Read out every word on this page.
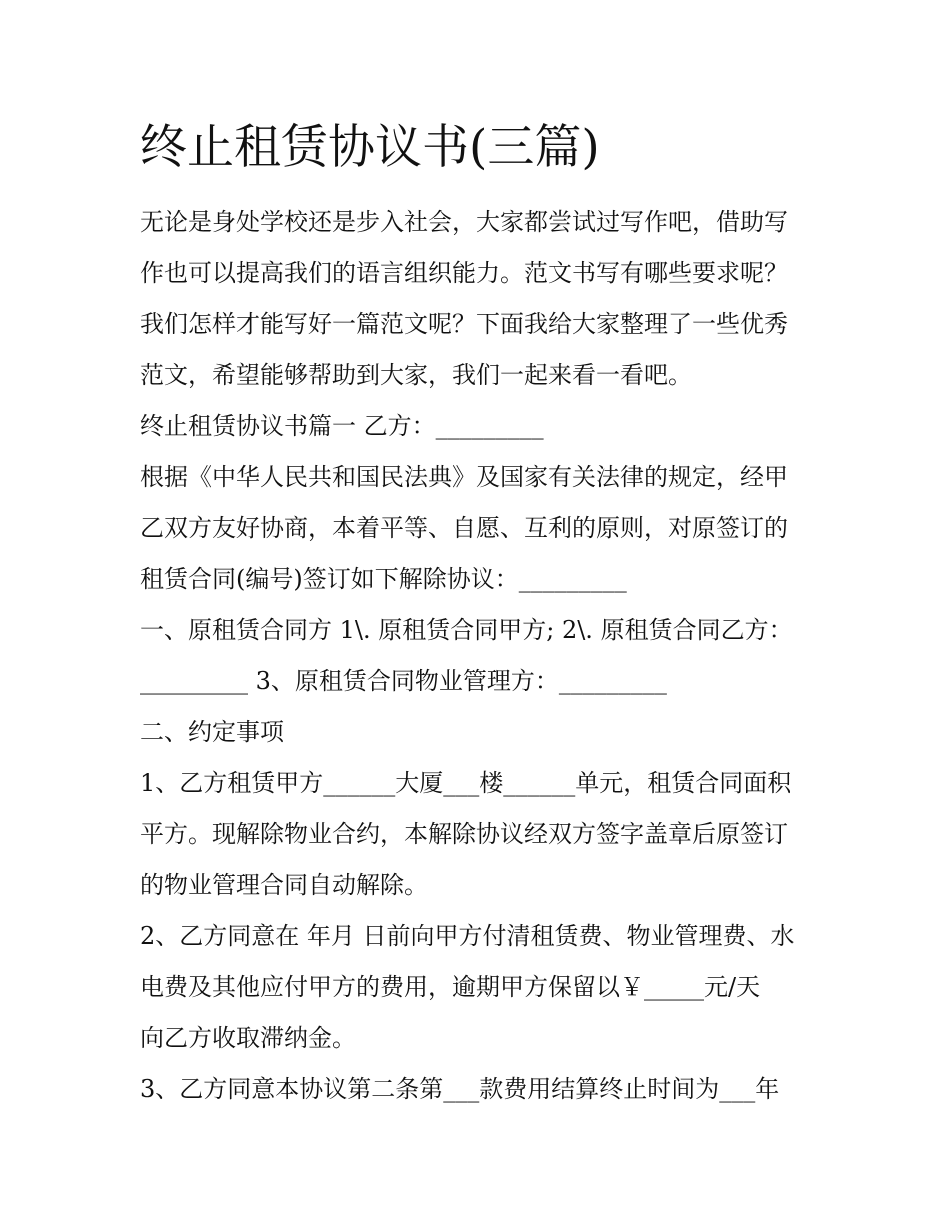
终止租赁协议书(三篇)
无论是身处学校还是步入社会，大家都尝试过写作吧，借助写
作也可以提高我们的语言组织能力。范文书写有哪些要求呢？
我们怎样才能写好一篇范文呢？下面我给大家整理了一些优秀
范文，希望能够帮助到大家，我们一起来看一看吧。
终止租赁协议书篇一 乙方：_________
根据《中华人民共和国民法典》及国家有关法律的规定，经甲
乙双方友好协商，本着平等、自愿、互利的原则，对原签订的
租赁合同(编号)签订如下解除协议：_________
一、原租赁合同方 1\. 原租赁合同甲方; 2\. 原租赁合同乙方：
_________ 3、原租赁合同物业管理方：_________
二、约定事项
1、乙方租赁甲方______大厦___楼______单元，租赁合同面积
平方。现解除物业合约，本解除协议经双方签字盖章后原签订
的物业管理合同自动解除。
2、乙方同意在 年月 日前向甲方付清租赁费、物业管理费、水
电费及其他应付甲方的费用，逾期甲方保留以￥_____元/天
向乙方收取滞纳金。
3、乙方同意本协议第二条第___款费用结算终止时间为___年
